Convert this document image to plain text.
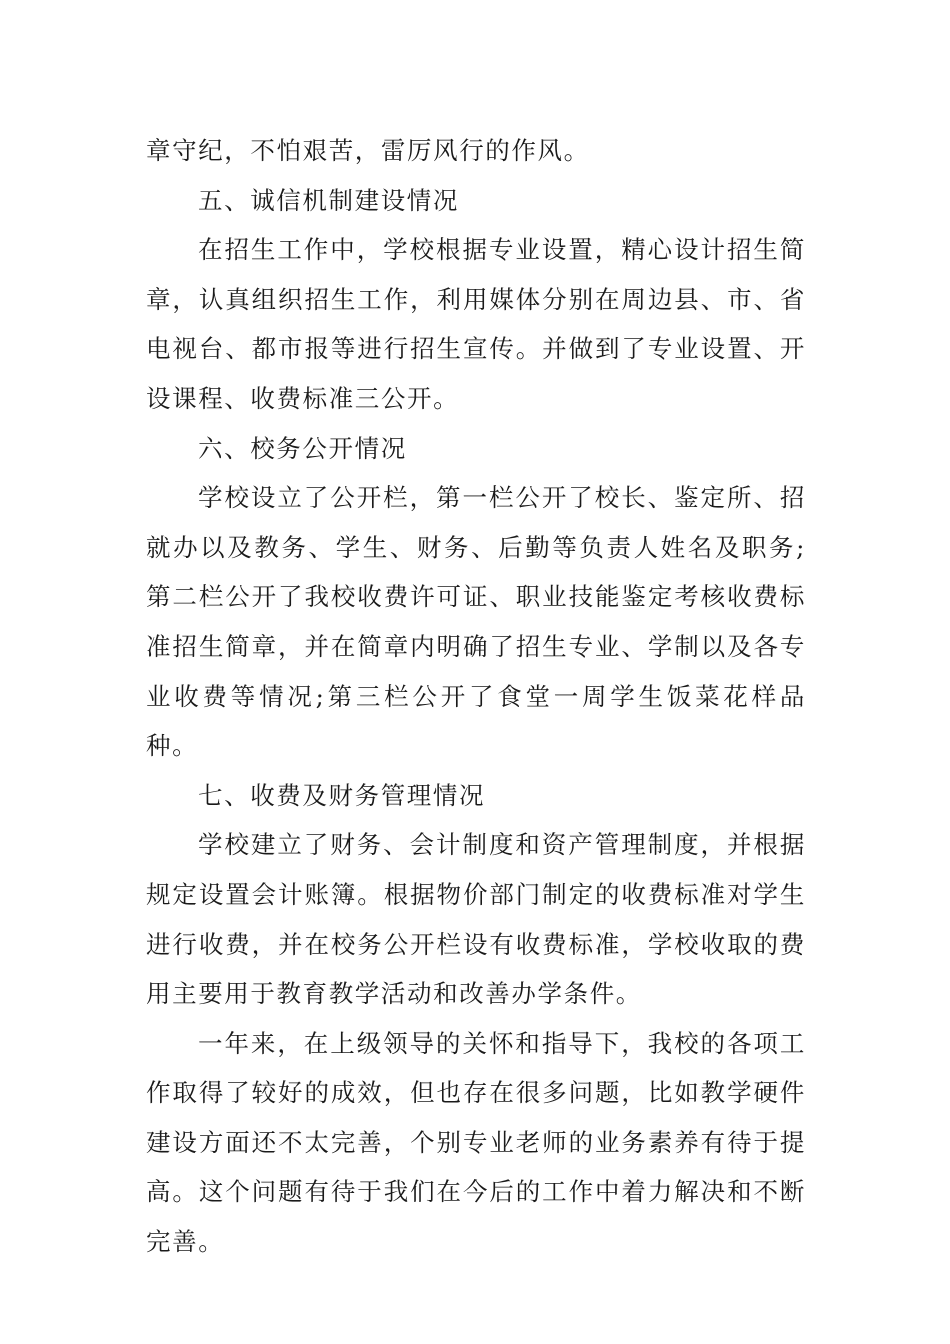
章守纪，不怕艰苦，雷厉风行的作风。

五、诚信机制建设情况

在招生工作中，学校根据专业设置，精心设计招生简章，认真组织招生工作，利用媒体分别在周边县、市、省电视台、都市报等进行招生宣传。并做到了专业设置、开设课程、收费标准三公开。

六、校务公开情况

学校设立了公开栏，第一栏公开了校长、鉴定所、招就办以及教务、学生、财务、后勤等负责人姓名及职务;第二栏公开了我校收费许可证、职业技能鉴定考核收费标准招生简章，并在简章内明确了招生专业、学制以及各专业收费等情况;第三栏公开了食堂一周学生饭菜花样品种。

七、收费及财务管理情况

学校建立了财务、会计制度和资产管理制度，并根据规定设置会计账簿。根据物价部门制定的收费标准对学生进行收费，并在校务公开栏设有收费标准，学校收取的费用主要用于教育教学活动和改善办学条件。

一年来，在上级领导的关怀和指导下，我校的各项工作取得了较好的成效，但也存在很多问题，比如教学硬件建设方面还不太完善，个别专业老师的业务素养有待于提高。这个问题有待于我们在今后的工作中着力解决和不断完善。
